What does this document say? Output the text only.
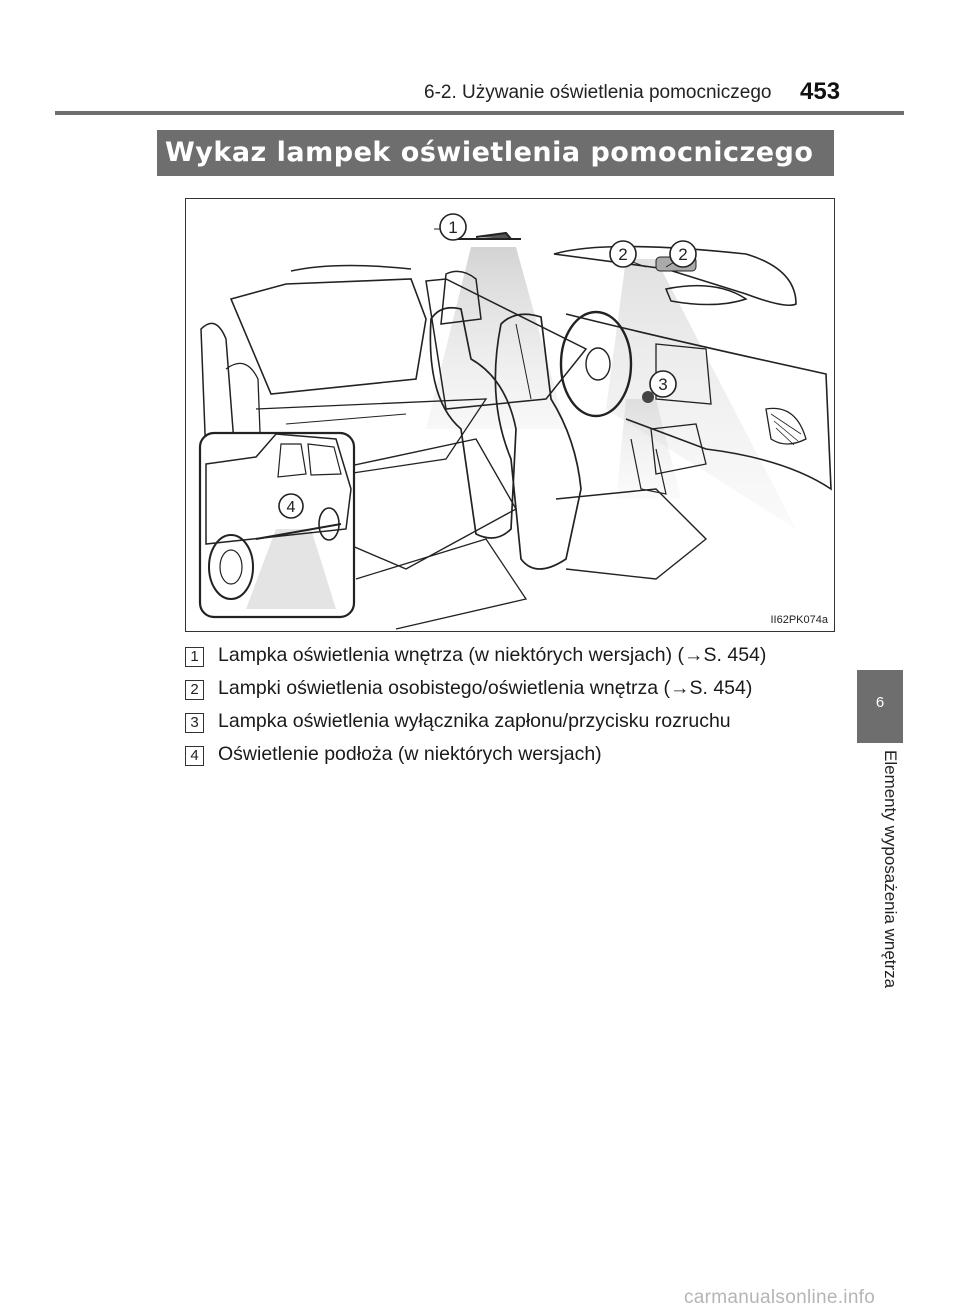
6-2. Używanie oświetlenia pomocniczego 453
Wykaz lampek oświetlenia pomocniczego
1
2	2
3
4
II62PK074a
1 Lampka oświetlenia wnętrza (w niektórych wersjach) (→S. 454)
2 Lampki oświetlenia osobistego/oświetlenia wnętrza (→S. 454)
3 Lampka oświetlenia wyłącznika zapłonu/przycisku rozruchu
4 Oświetlenie podłoża (w niektórych wersjach)
6
Elementy wyposażenia wnętrza
carmanualsonline.info
